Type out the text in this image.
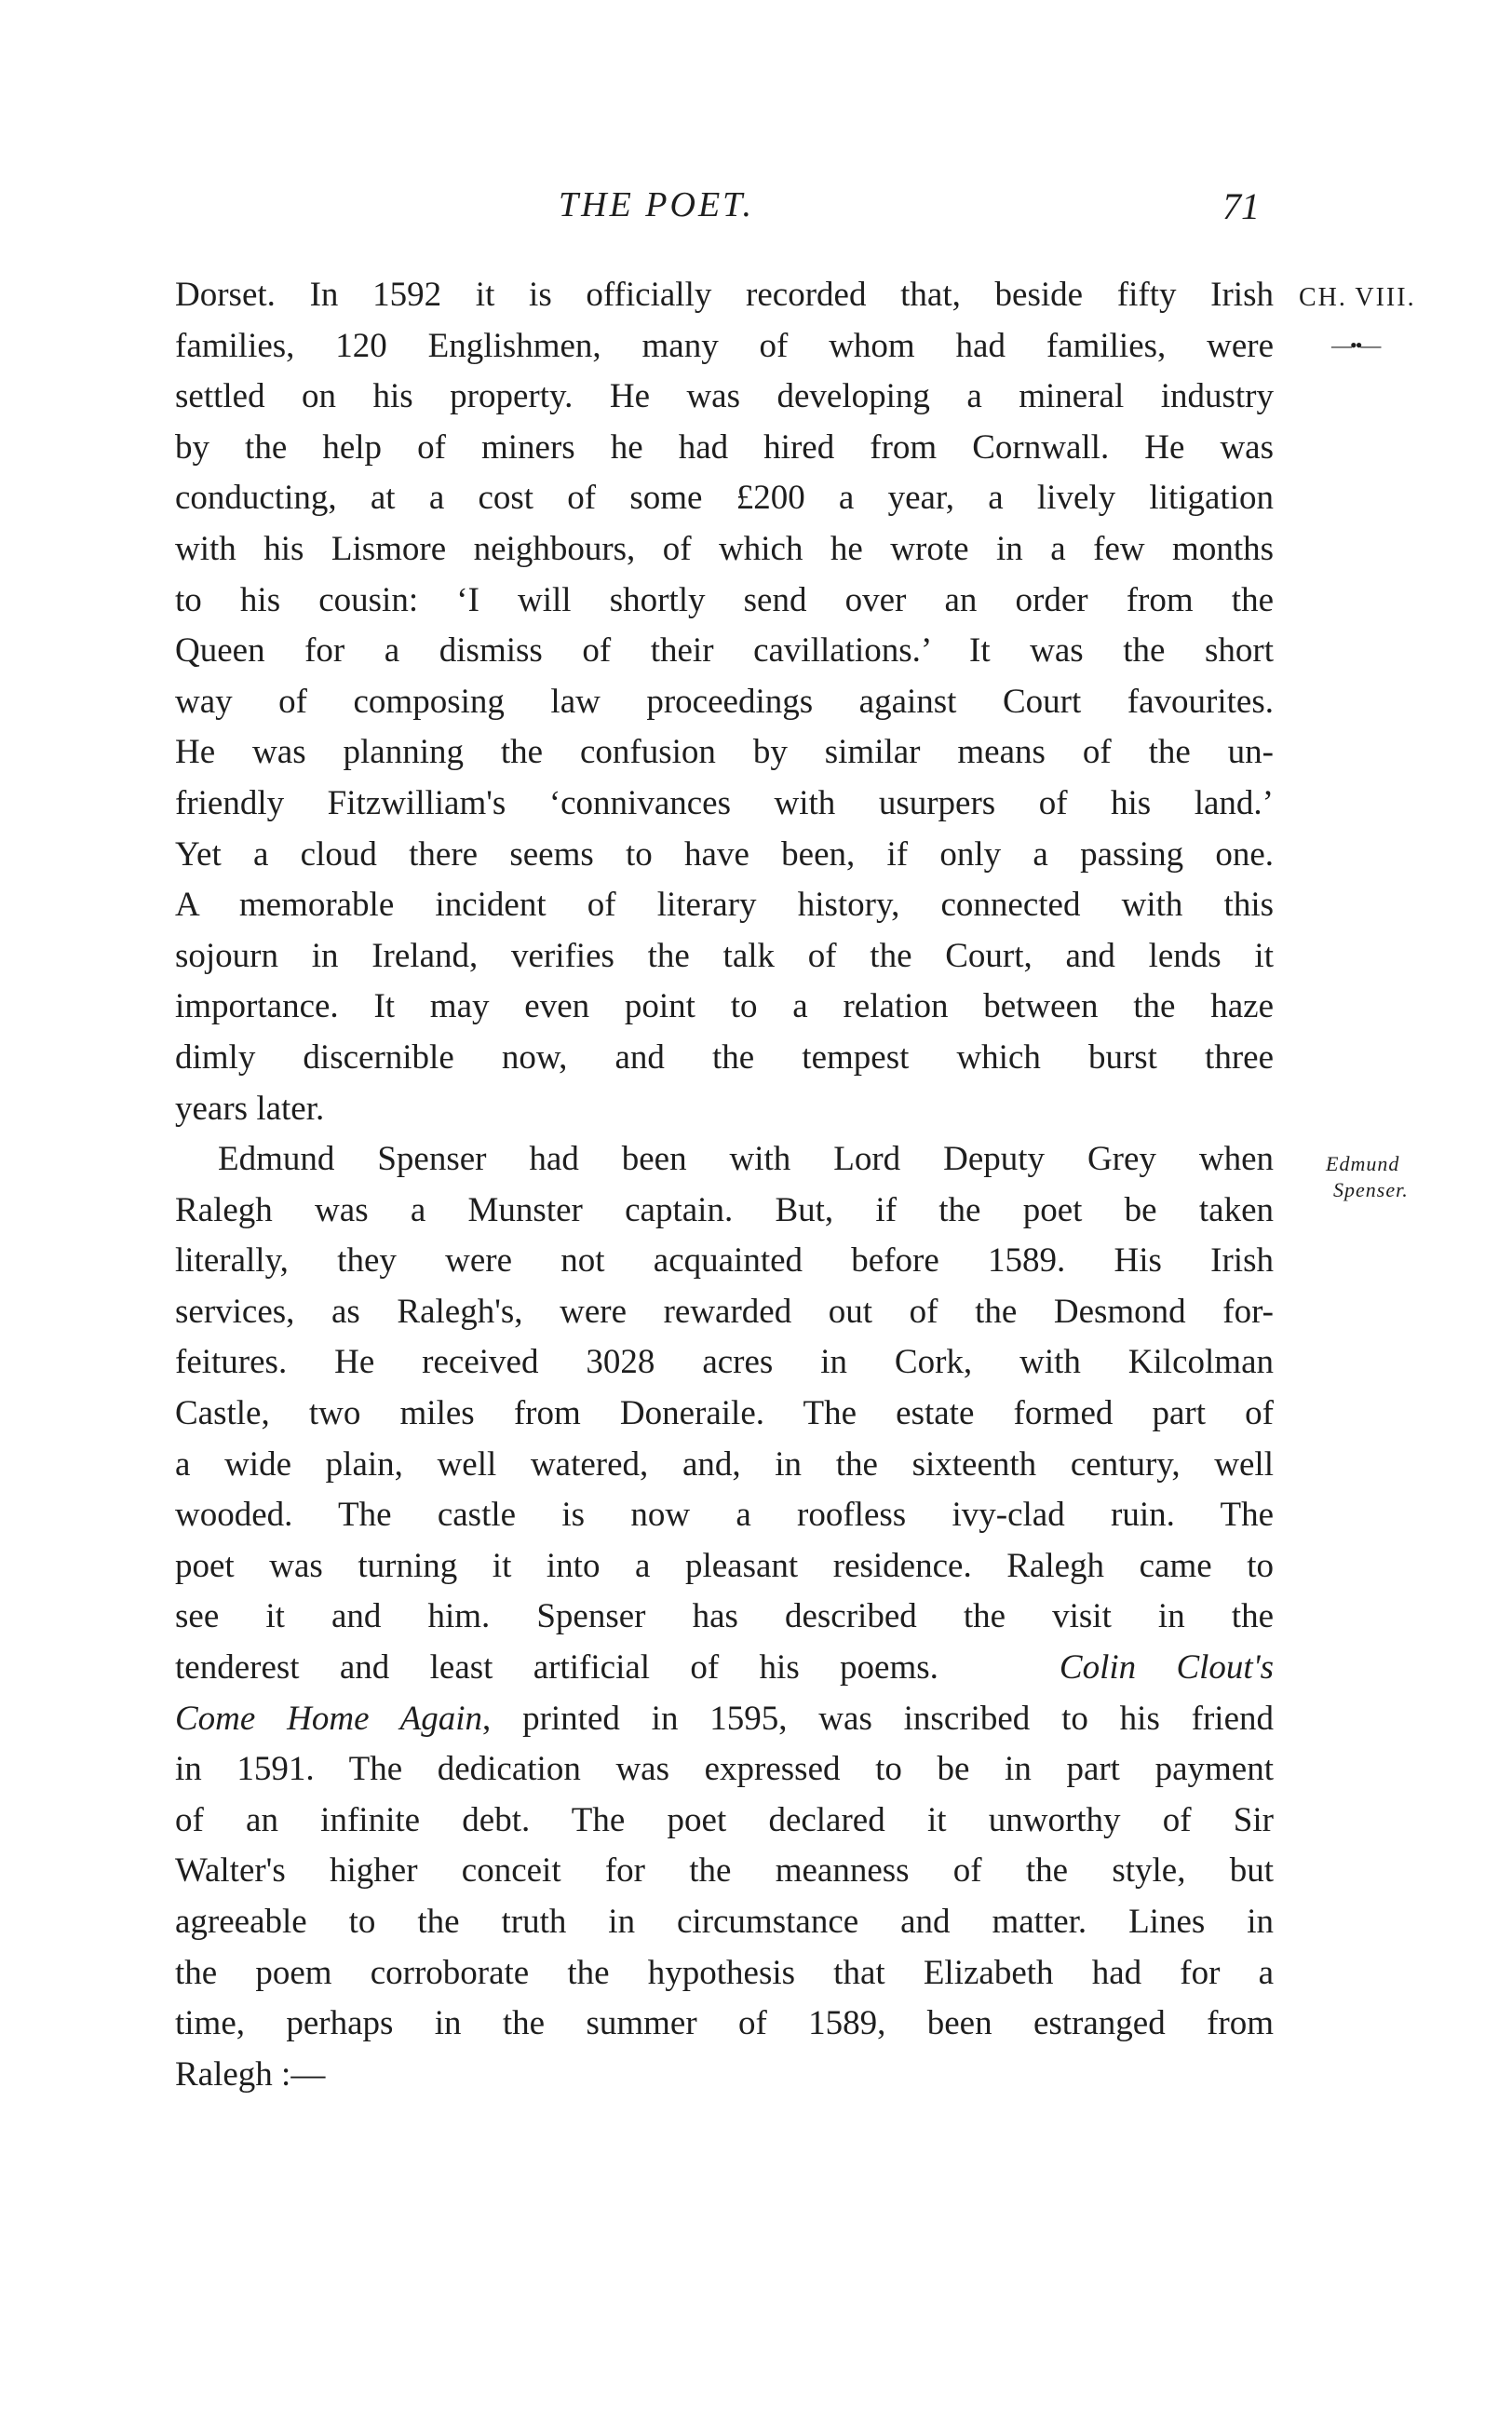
THE POET.	71
CH. VIII.
—••—
Edmund
Spenser.
Dorset. In 1592 it is officially recorded that, beside fifty Irish
families, 120 Englishmen, many of whom had families, were
settled on his property. He was developing a mineral industry
by the help of miners he had hired from Cornwall. He was
conducting, at a cost of some £200 a year, a lively litigation
with his Lismore neighbours, of which he wrote in a few months
to his cousin: ‘I will shortly send over an order from the
Queen for a dismiss of their cavillations.’ It was the short
way of composing law proceedings against Court favourites.
He was planning the confusion by similar means of the un-
friendly Fitzwilliam's ‘connivances with usurpers of his land.’
Yet a cloud there seems to have been, if only a passing one.
A memorable incident of literary history, connected with this
sojourn in Ireland, verifies the talk of the Court, and lends it
importance. It may even point to a relation between the haze
dimly discernible now, and the tempest which burst three
years later.
Edmund Spenser had been with Lord Deputy Grey when
Ralegh was a Munster captain. But, if the poet be taken
literally, they were not acquainted before 1589. His Irish
services, as Ralegh's, were rewarded out of the Desmond for-
feitures. He received 3028 acres in Cork, with Kilcolman
Castle, two miles from Doneraile. The estate formed part of
a wide plain, well watered, and, in the sixteenth century, well
wooded. The castle is now a roofless ivy-clad ruin. The
poet was turning it into a pleasant residence. Ralegh came to
see it and him. Spenser has described the visit in the
tenderest and least artificial of his poems.	Colin Clout's
Come Home Again, printed in 1595, was inscribed to his friend
in 1591. The dedication was expressed to be in part payment
of an infinite debt. The poet declared it unworthy of Sir
Walter's higher conceit for the meanness of the style, but
agreeable to the truth in circumstance and matter. Lines in
the poem corroborate the hypothesis that Elizabeth had for a
time, perhaps in the summer of 1589, been estranged from
Ralegh :—
